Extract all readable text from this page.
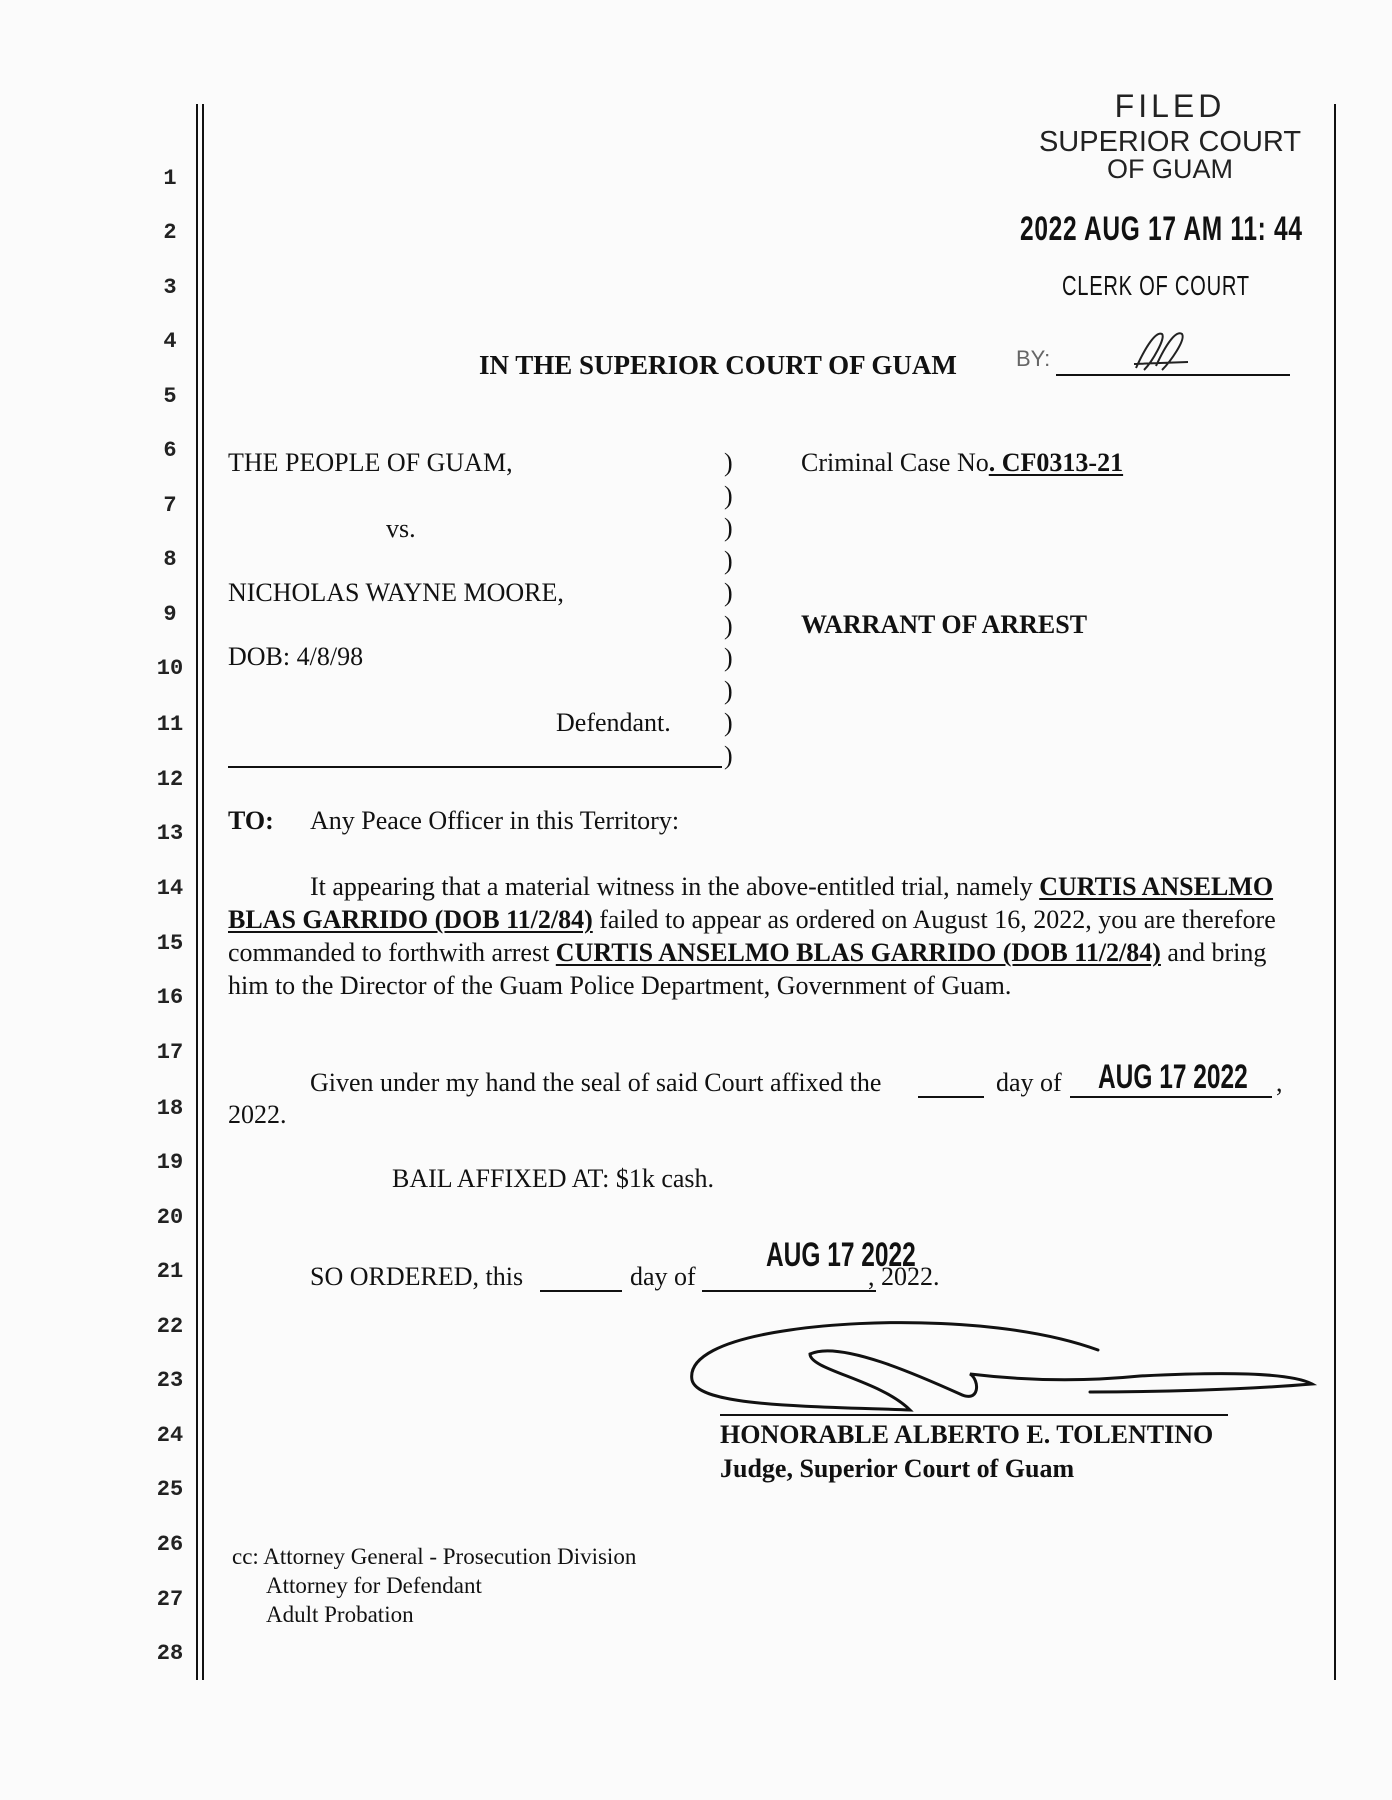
1
2
3
4
5
6
7
8
9
10
11
12
13
14
15
16
17
18
19
20
21
22
23
24
25
26
27
28
FILED
SUPERIOR COURT
OF GUAM
2022 AUG 17 AM 11: 44
CLERK OF COURT
BY:
IN THE SUPERIOR COURT OF GUAM
THE PEOPLE OF GUAM,
vs.
NICHOLAS WAYNE MOORE,
DOB: 4/8/98
Defendant.
)
)
)
)
)
)
)
)
)
)
Criminal Case No. CF0313-21
WARRANT OF ARREST
TO: Any Peace Officer in this Territory:
It appearing that a material witness in the above-entitled trial, namely CURTIS ANSELMO
BLAS GARRIDO (DOB 11/2/84) failed to appear as ordered on August 16, 2022, you are therefore
commanded to forthwith arrest CURTIS ANSELMO BLAS GARRIDO (DOB 11/2/84) and bring
him to the Director of the Guam Police Department, Government of Guam.
Given under my hand the seal of said Court affixed the	day of AUG 17 2022 ,
2022.
BAIL AFFIXED AT: $1k cash.
SO ORDERED, this	day of
AUG 17 2022
, 2022.
HONORABLE ALBERTO E. TOLENTINO
Judge, Superior Court of Guam
cc: Attorney General - Prosecution Division
Attorney for Defendant
Adult Probation
